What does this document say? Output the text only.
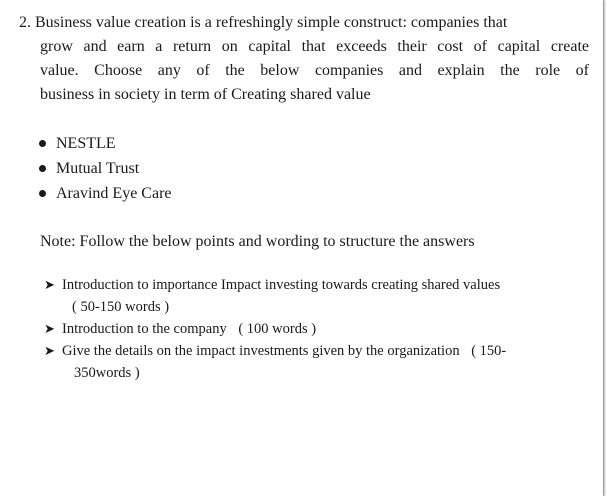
2. Business value creation is a refreshingly simple construct: companies that
grow and earn a return on capital that exceeds their cost of capital create
value. Choose any of the below companies and explain the role of
business in society in term of Creating shared value
NESTLE
Mutual Trust
Aravind Eye Care
Note: Follow the below points and wording to structure the answers
➤ Introduction to importance Impact investing towards creating shared values
( 50-150 words )
➤ Introduction to the company ( 100 words )
➤ Give the details on the impact investments given by the organization ( 150-
350words )
